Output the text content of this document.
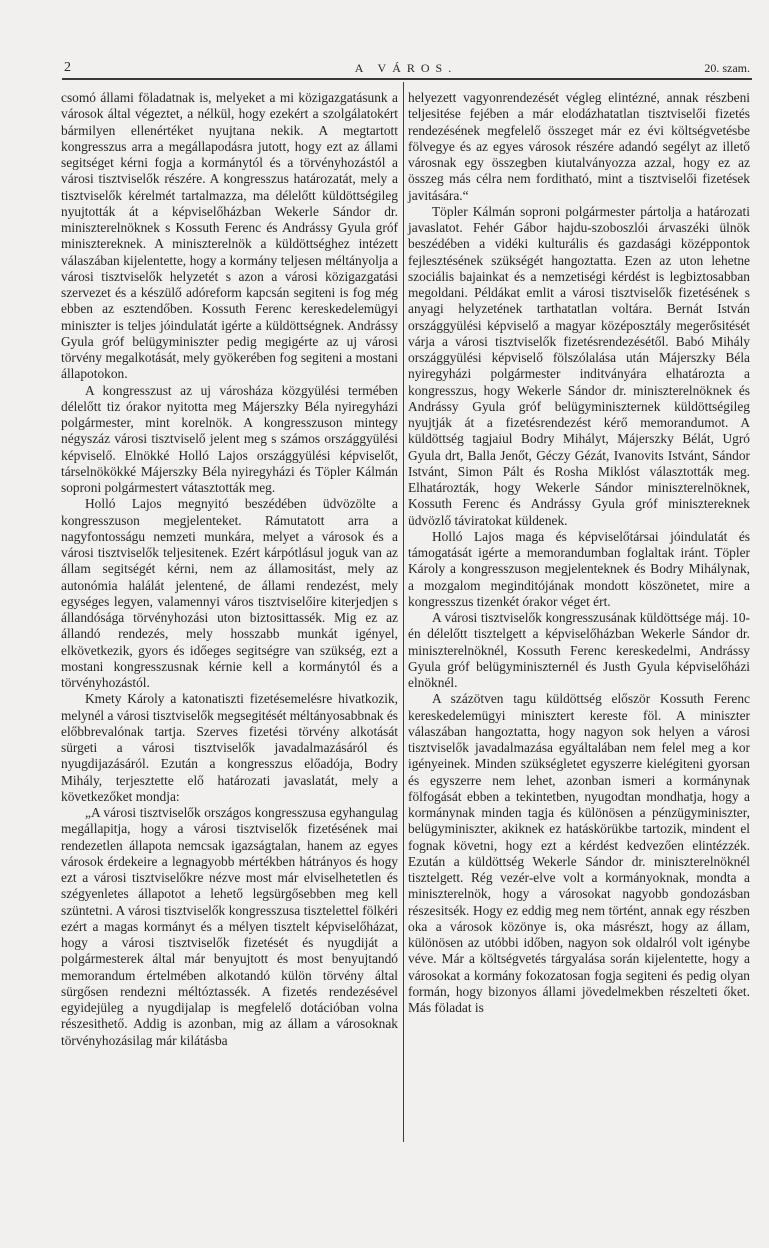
2	A VÁROS.	20. szam.

csomó állami föladatnak is, melyeket a mi közigazgatásunk a városok által végeztet, a nélkül, hogy ezekért a szolgálatokért bármilyen ellenértéket nyujtana nekik. A megtartott kongresszus arra a megállapodásra jutott, hogy ezt az állami segitséget kérni fogja a kormánytól és a törvényhozástól a városi tisztviselők részére. A kongresszus határozatát, mely a tisztviselők kérelmét tartalmazza, ma délelőtt küldöttségileg nyujtották át a képviselőházban Wekerle Sándor dr. miniszterelnöknek s Kossuth Ferenc és Andrássy Gyula gróf minisztereknek. A miniszterelnök a küldöttséghez intézett válaszában kijelentette, hogy a kormány teljesen méltányolja a városi tisztviselők helyzetét s azon a városi közigazgatási szervezet és a készülő adóreform kapcsán segiteni is fog még ebben az esztendőben. Kossuth Ferenc kereskedelemügyi miniszter is teljes jóindulatát igérte a küldöttségnek. Andrássy Gyula gróf belügyminiszter pedig megigérte az uj városi törvény megalkotását, mely gyökerében fog segiteni a mostani állapotokon.

A kongresszust az uj városháza közgyülési termében délelőtt tiz órakor nyitotta meg Májerszky Béla nyiregyházi polgármester, mint korelnök. A kongresszuson mintegy négyszáz városi tisztviselő jelent meg s számos országgyülési képviselő. Elnökké Holló Lajos országgyülési képviselőt, társelnökökké Májerszky Béla nyiregyházi és Töpler Kálmán soproni polgármestert vátasztották meg.

Holló Lajos megnyitó beszédében üdvözölte a kongresszuson megjelenteket. Rámutatott arra a nagyfontosságu nemzeti munkára, melyet a városok és a városi tisztviselők teljesitenek. Ezért kárpótlásul joguk van az állam segitségét kérni, nem az államositást, mely az autonómia halálát jelentené, de állami rendezést, mely egységes legyen, valamennyi város tisztviselőire kiterjedjen s állandósága törvényhozási uton biztosittassék. Mig ez az állandó rendezés, mely hosszabb munkát igényel, elkövetkezik, gyors és időeges segitségre van szükség, ezt a mostani kongresszusnak kérnie kell a kormánytól és a törvényhozástól.

Kmety Károly a katonatiszti fizetésemelésre hivatkozik, melynél a városi tisztviselők megsegitését méltányosabbnak és előbbrevalónak tartja. Szerves fizetési törvény alkotását sürgeti a városi tisztviselők javadalmazásáról és nyugdijazásáról. Ezután a kongresszus előadója, Bodry Mihály, terjesztette elő határozati javaslatát, mely a következőket mondja:

„A városi tisztviselők országos kongresszusa egyhangulag megállapitja, hogy a városi tisztviselők fizetésének mai rendezetlen állapota nemcsak igazságtalan, hanem az egyes városok érdekeire a legnagyobb mértékben hátrányos és hogy ezt a városi tisztviselőkre nézve most már elviselhetetlen és szégyenletes állapotot a lehető legsürgősebben meg kell szüntetni. A városi tisztviselők kongresszusa tisztelettel fölkéri ezért a magas kormányt és a mélyen tisztelt képviselőházat, hogy a városi tisztviselők fizetését és nyugdiját a polgármesterek által már benyujtott és most benyujtandó memorandum értelmében alkotandó külön törvény által sürgősen rendezni méltóztassék. A fizetés rendezésével egyidejüleg a nyugdijalap is megfelelő dotációban volna részesithető. Addig is azonban, mig az állam a városoknak törvényhozásilag már kilátásba

helyezett vagyonrendezését végleg elintézné, annak részbeni teljesitése fejében a már elodázhatatlan tisztviselői fizetés rendezésének megfelelő összeget már ez évi költségvetésbe fölvegye és az egyes városok részére adandó segélyt az illető városnak egy összegben kiutalványozza azzal, hogy ez az összeg más célra nem forditható, mint a tisztviselői fizetések javitására.“

Töpler Kálmán soproni polgármester pártolja a határozati javaslatot. Fehér Gábor hajdu-szoboszlói árvaszéki ülnök beszédében a vidéki kulturális és gazdasági középpontok fejlesztésének szükségét hangoztatta. Ezen az uton lehetne szociális bajainkat és a nemzetiségi kérdést is legbiztosabban megoldani. Példákat emlit a városi tisztviselők fizetésének s anyagi helyzetének tarthatatlan voltára. Bernát István országgyülési képviselő a magyar középosztály megerősitését várja a városi tisztviselők fizetésrendezésétől. Babó Mihály országgyülési képviselő fölszólalása után Májerszky Béla nyiregyházi polgármester inditványára elhatározta a kongresszus, hogy Wekerle Sándor dr. miniszterelnöknek és Andrássy Gyula gróf belügyminiszternek küldöttségileg nyujtják át a fizetésrendezést kérő memorandumot. A küldöttség tagjaiul Bodry Mihályt, Májerszky Bélát, Ugró Gyula drt, Balla Jenőt, Géczy Gézát, Ivanovits Istvánt, Sándor Istvánt, Simon Pált és Rosha Miklóst választották meg. Elhatározták, hogy Wekerle Sándor miniszterelnöknek, Kossuth Ferenc és Andrássy Gyula gróf minisztereknek üdvözlő táviratokat küldenek.

Holló Lajos maga és képviselőtársai jóindulatát és támogatását igérte a memorandumban foglaltak iránt. Töpler Károly a kongresszuson megjelenteknek és Bodry Mihálynak, a mozgalom meginditójának mondott köszönetet, mire a kongresszus tizenkét órakor véget ért.

A városi tisztviselők kongresszusának küldöttsége máj. 10-én délelőtt tisztelgett a képviselőházban Wekerle Sándor dr. miniszterelnöknél, Kossuth Ferenc kereskedelmi, Andrássy Gyula gróf belügyminiszternél és Justh Gyula képviselőházi elnöknél.

A százötven tagu küldöttség először Kossuth Ferenc kereskedelemügyi minisztert kereste föl. A miniszter válaszában hangoztatta, hogy nagyon sok helyen a városi tisztviselők javadalmazása egyáltalában nem felel meg a kor igényeinek. Minden szükségletet egyszerre kielégiteni gyorsan és egyszerre nem lehet, azonban ismeri a kormánynak fölfogását ebben a tekintetben, nyugodtan mondhatja, hogy a kormánynak minden tagja és különösen a pénzügyminiszter, belügyminiszter, akiknek ez hatáskörükbe tartozik, mindent el fognak követni, hogy ezt a kérdést kedvezően elintézzék. Ezután a küldöttség Wekerle Sándor dr. miniszterelnöknél tisztelgett. Rég vezér-elve volt a kormányoknak, mondta a miniszterelnök, hogy a városokat nagyobb gondozásban részesitsék. Hogy ez eddig meg nem történt, annak egy részben oka a városok közönye is, oka másrészt, hogy az állam, különösen az utóbbi időben, nagyon sok oldalról volt igénybe véve. Már a költségvetés tárgyalása során kijelentette, hogy a városokat a kormány fokozatosan fogja segiteni és pedig olyan formán, hogy bizonyos állami jövedelmekben részelteti őket. Más föladat is
